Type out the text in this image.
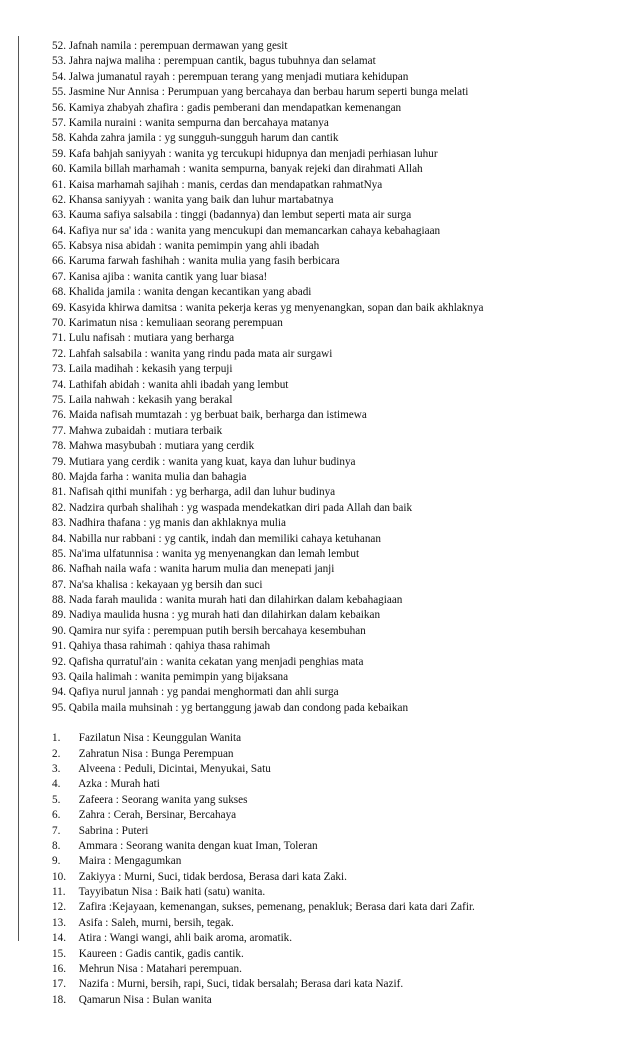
52. Jafnah namila : perempuan dermawan yang gesit
53. Jahra najwa maliha : perempuan cantik, bagus tubuhnya dan selamat
54. Jalwa jumanatul rayah : perempuan terang yang menjadi mutiara kehidupan
55. Jasmine Nur Annisa : Perumpuan yang bercahaya dan berbau harum seperti bunga melati
56. Kamiya zhabyah zhafira : gadis pemberani dan mendapatkan kemenangan
57. Kamila nuraini : wanita sempurna dan bercahaya matanya
58. Kahda zahra jamila : yg sungguh-sungguh harum dan cantik
59. Kafa bahjah saniyyah : wanita yg tercukupi hidupnya dan menjadi perhiasan luhur
60. Kamila billah marhamah : wanita sempurna, banyak rejeki dan dirahmati Allah
61. Kaisa marhamah sajihah : manis, cerdas dan mendapatkan rahmatNya
62. Khansa saniyyah : wanita yang baik dan luhur martabatnya
63. Kauma safiya salsabila : tinggi (badannya) dan lembut seperti mata air surga
64. Kafiya nur sa' ida : wanita yang mencukupi dan memancarkan cahaya kebahagiaan
65. Kabsya nisa abidah : wanita pemimpin yang ahli ibadah
66. Karuma farwah fashihah : wanita mulia yang fasih berbicara
67. Kanisa ajiba : wanita cantik yang luar biasa!
68. Khalida jamila : wanita dengan kecantikan yang abadi
69. Kasyida khirwa damitsa : wanita pekerja keras yg menyenangkan, sopan dan baik akhlaknya
70. Karimatun nisa : kemuliaan seorang perempuan
71. Lulu nafisah : mutiara yang berharga
72. Lahfah salsabila : wanita yang rindu pada mata air surgawi
73. Laila madihah : kekasih yang terpuji
74. Lathifah abidah : wanita ahli ibadah yang lembut
75. Laila nahwah : kekasih yang berakal
76. Maida nafisah mumtazah : yg berbuat baik, berharga dan istimewa
77. Mahwa zubaidah : mutiara terbaik
78. Mahwa masybubah : mutiara yang cerdik
79. Mutiara yang cerdik : wanita yang kuat, kaya dan luhur budinya
80. Majda farha : wanita mulia dan bahagia
81. Nafisah qithi munifah : yg berharga, adil dan luhur budinya
82. Nadzira qurbah shalihah : yg waspada mendekatkan diri pada Allah dan baik
83. Nadhira thafana : yg manis dan akhlaknya mulia
84. Nabilla nur rabbani : yg cantik, indah dan memiliki cahaya ketuhanan
85. Na'ima ulfatunnisa : wanita yg menyenangkan dan lemah lembut
86. Nafhah naila wafa : wanita harum mulia dan menepati janji
87. Na'sa khalisa : kekayaan yg bersih dan suci
88. Nada farah maulida : wanita murah hati dan dilahirkan dalam kebahagiaan
89. Nadiya maulida husna : yg murah hati dan dilahirkan dalam kebaikan
90. Qamira nur syifa : perempuan putih bersih bercahaya kesembuhan
91. Qahiya thasa rahimah : qahiya thasa rahimah
92. Qafisha qurratul'ain : wanita cekatan yang menjadi penghias mata
93. Qaila halimah : wanita pemimpin yang bijaksana
94. Qafiya nurul jannah : yg pandai menghormati dan ahli surga
95. Qabila maila muhsinah : yg bertanggung jawab dan condong pada kebaikan
1. Fazilatun Nisa : Keunggulan Wanita
2. Zahratun Nisa : Bunga Perempuan
3. Alveena : Peduli, Dicintai, Menyukai, Satu
4. Azka : Murah hati
5. Zafeera : Seorang wanita yang sukses
6. Zahra : Cerah, Bersinar, Bercahaya
7. Sabrina : Puteri
8. Ammara : Seorang wanita dengan kuat Iman, Toleran
9. Maira : Mengagumkan
10. Zakiyya : Murni, Suci, tidak berdosa, Berasa dari kata Zaki.
11. Tayyibatun Nisa : Baik hati (satu) wanita.
12. Zafira :Kejayaan, kemenangan, sukses, pemenang, penakluk; Berasa dari kata dari Zafir.
13. Asifa : Saleh, murni, bersih, tegak.
14. Atira : Wangi wangi, ahli baik aroma, aromatik.
15. Kaureen : Gadis cantik, gadis cantik.
16. Mehrun Nisa : Matahari perempuan.
17. Nazifa : Murni, bersih, rapi, Suci, tidak bersalah; Berasa dari kata Nazif.
18. Qamarun Nisa : Bulan wanita
